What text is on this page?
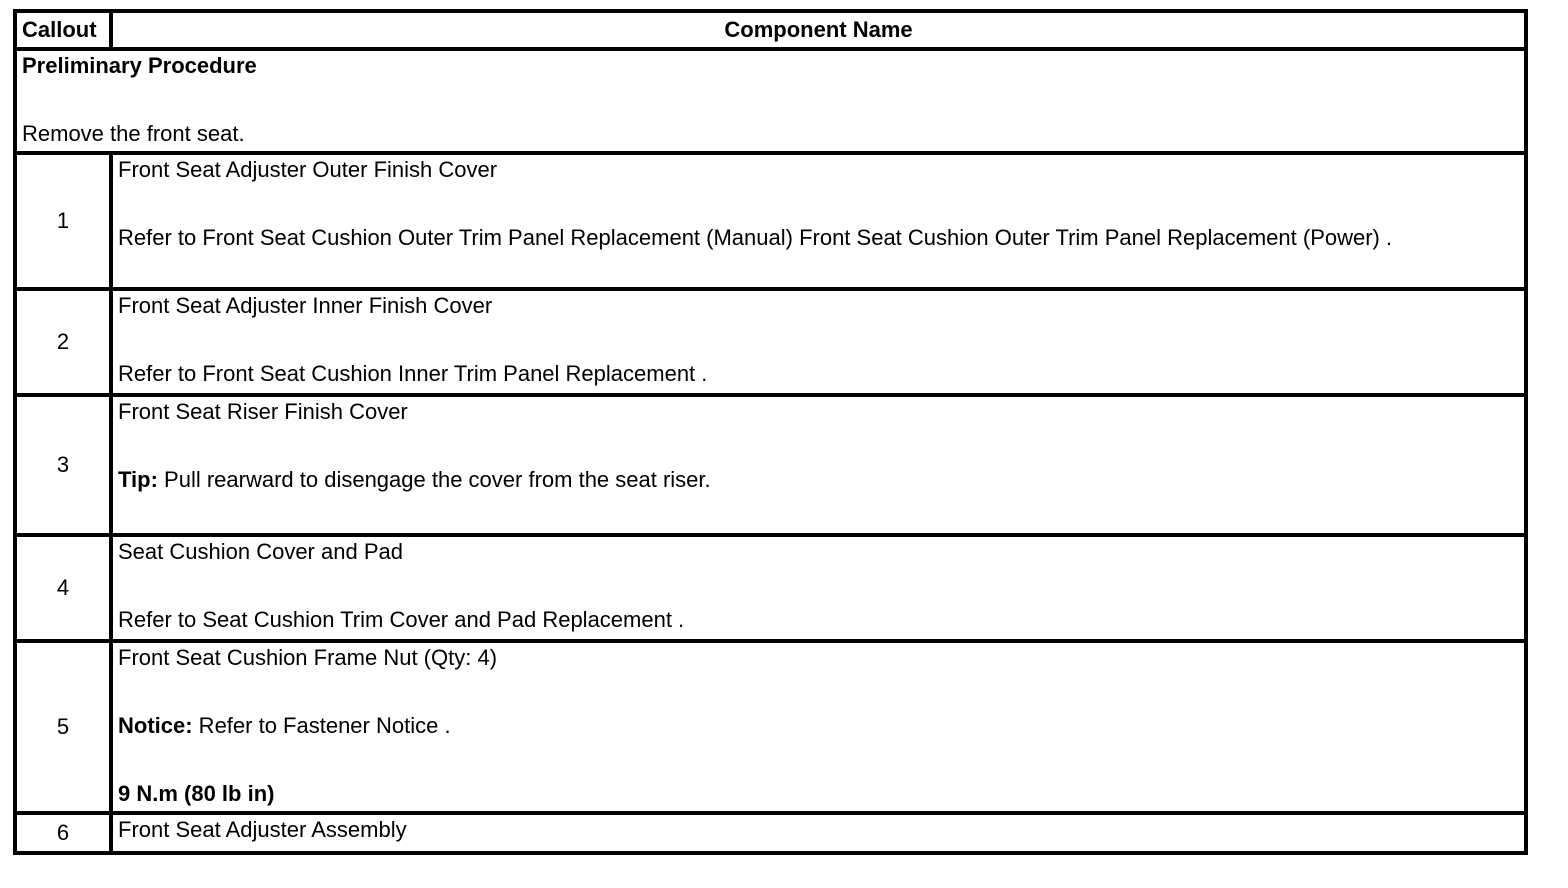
Callout	Component Name

Preliminary Procedure
Remove the front seat.	

1	Front Seat Adjuster Outer Finish Cover
Refer to Front Seat Cushion Outer Trim Panel Replacement (Manual) Front Seat Cushion Outer Trim Panel Replacement (Power) .

2	Front Seat Adjuster Inner Finish Cover
Refer to Front Seat Cushion Inner Trim Panel Replacement .

3	Front Seat Riser Finish Cover
Tip: Pull rearward to disengage the cover from the seat riser.

4	Seat Cushion Cover and Pad
Refer to Seat Cushion Trim Cover and Pad Replacement .

5	Front Seat Cushion Frame Nut (Qty: 4)
Notice: Refer to Fastener Notice .
9 N.m (80 lb in)

6	Front Seat Adjuster Assembly
